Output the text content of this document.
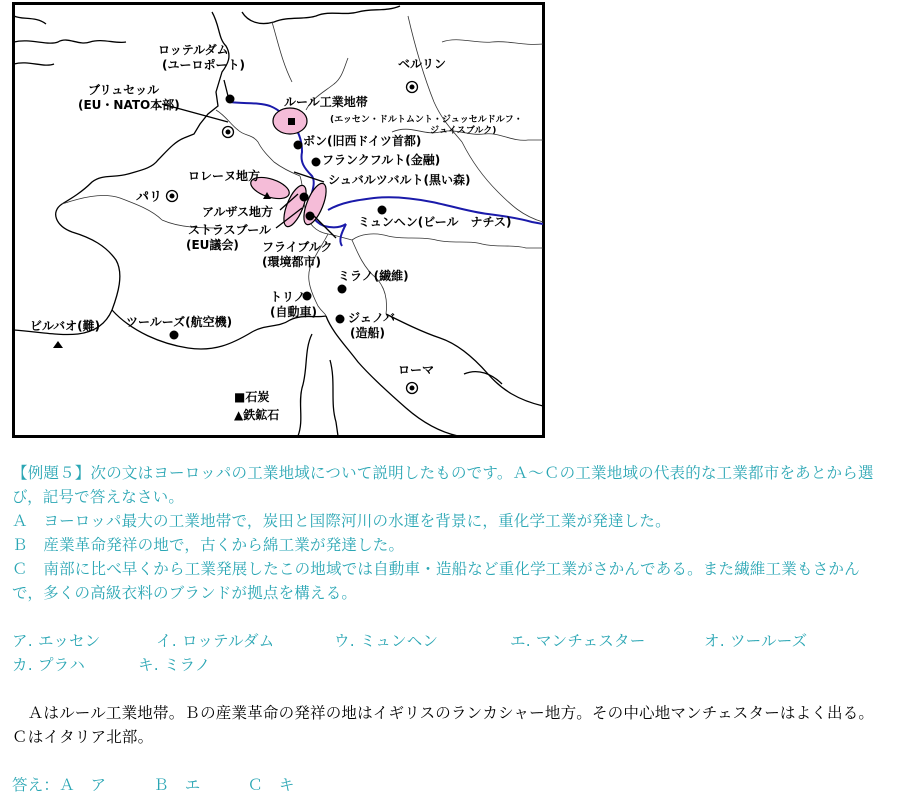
ロッテルダム
(ユーロポート)	ベルリン
ブリュセッル
(EU・NATO本部)	ルール工業地帯
(エッセン・ドルトムント・ジュッセルドルフ・
ジュイスブルク)
ボン(旧西ドイツ首都)
フランクフルト(金融)
ロレーヌ地方	シュバルツバルト(黒い森)
パリ
アルザス地方
ミュンヘン(ビール　ナチス)
ストラスブール
(EU議会) フライブルク
(環境都市)
ミラノ(繊維)
トリノ
(自動車)
ツールーズ(航空機)	ジェノバ
(造船)
ビルバオ(難)
ローマ
■石炭
▲鉄鉱石

【例題５】次の文はヨーロッパの工業地域について説明したものです。Ａ～Ｃの工業地域の代表的な工業都市をあとから選

び，記号で答えなさい。

Ａ　ヨーロッパ最大の工業地帯で，炭田と国際河川の水運を背景に，重化学工業が発達した。

Ｂ　産業革命発祥の地で，古くから綿工業が発達した。

Ｃ　南部に比べ早くから工業発展したこの地域では自動車・造船など重化学工業がさかんである。また繊維工業もさかん

で，多くの高級衣料のブランドが拠点を構える。

ア. エッセン	イ. ロッテルダム	ウ. ミュンヘン	エ. マンチェスター	オ. ツールーズ

カ. プラハ	キ. ミラノ

　Ａはルール工業地帯。Ｂの産業革命の発祥の地はイギリスのランカシャー地方。その中心地マンチェスターはよく出る。

Ｃはイタリア北部。

答え：Ａ　ア　　　Ｂ　エ　　　Ｃ　キ
